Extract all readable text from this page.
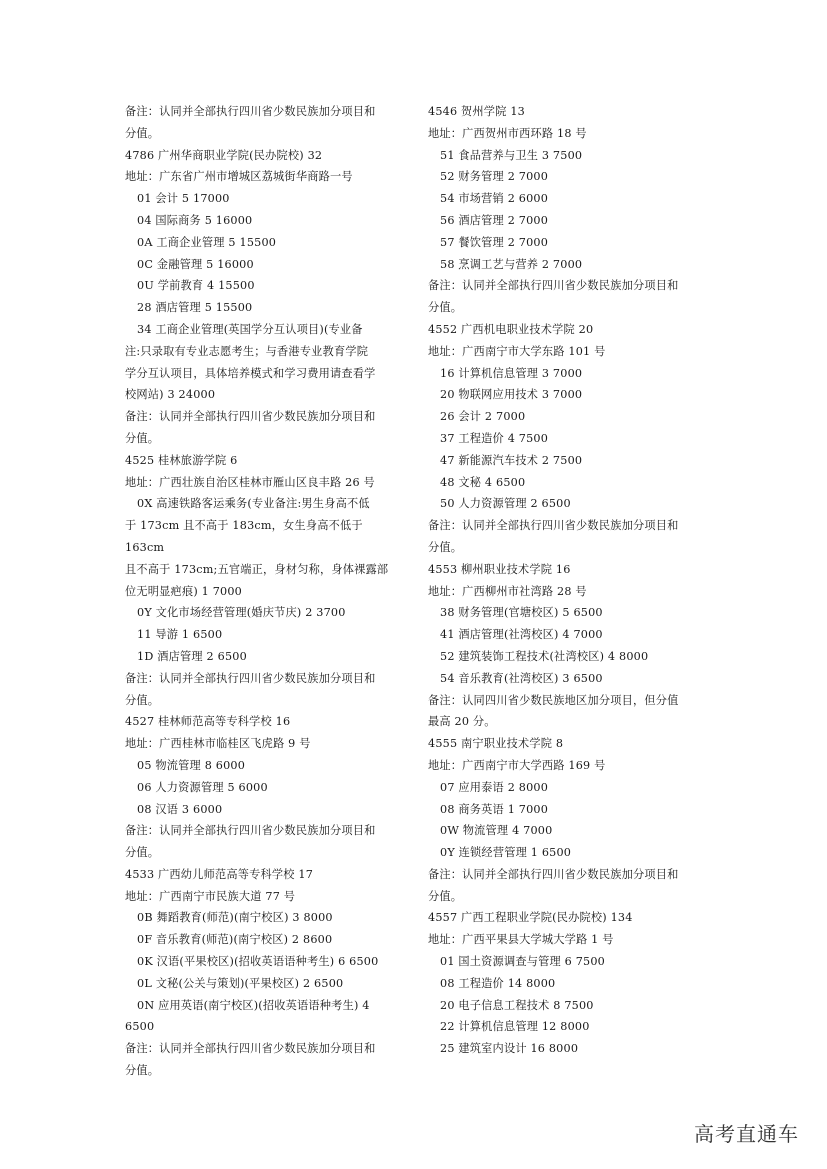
备注：认同并全部执行四川省少数民族加分项目和
分值。
4786 广州华商职业学院(民办院校) 32
地址：广东省广州市增城区荔城街华商路一号
01 会计 5 17000
04 国际商务 5 16000
0A 工商企业管理 5 15500
0C 金融管理 5 16000
0U 学前教育 4 15500
28 酒店管理 5 15500
34 工商企业管理(英国学分互认项目)(专业备
注:只录取有专业志愿考生；与香港专业教育学院
学分互认项目，具体培养模式和学习费用请查看学
校网站) 3 24000
备注：认同并全部执行四川省少数民族加分项目和
分值。
4525 桂林旅游学院 6
地址：广西壮族自治区桂林市雁山区良丰路 26 号
0X 高速铁路客运乘务(专业备注:男生身高不低
于 173cm 且不高于 183cm，女生身高不低于 163cm
且不高于 173cm;五官端正，身材匀称，身体裸露部
位无明显疤痕) 1 7000
0Y 文化市场经营管理(婚庆节庆) 2 3700
11 导游 1 6500
1D 酒店管理 2 6500
备注：认同并全部执行四川省少数民族加分项目和
分值。
4527 桂林师范高等专科学校 16
地址：广西桂林市临桂区飞虎路 9 号
05 物流管理 8 6000
06 人力资源管理 5 6000
08 汉语 3 6000
备注：认同并全部执行四川省少数民族加分项目和
分值。
4533 广西幼儿师范高等专科学校 17
地址：广西南宁市民族大道 77 号
0B 舞蹈教育(师范)(南宁校区) 3 8000
0F 音乐教育(师范)(南宁校区) 2 8600
0K 汉语(平果校区)(招收英语语种考生) 6 6500
0L 文秘(公关与策划)(平果校区) 2 6500
0N 应用英语(南宁校区)(招收英语语种考生) 4
6500
备注：认同并全部执行四川省少数民族加分项目和
分值。
4546 贺州学院 13
地址：广西贺州市西环路 18 号
51 食品营养与卫生 3 7500
52 财务管理 2 7000
54 市场营销 2 6000
56 酒店管理 2 7000
57 餐饮管理 2 7000
58 烹调工艺与营养 2 7000
备注：认同并全部执行四川省少数民族加分项目和
分值。
4552 广西机电职业技术学院 20
地址：广西南宁市大学东路 101 号
16 计算机信息管理 3 7000
20 物联网应用技术 3 7000
26 会计 2 7000
37 工程造价 4 7500
47 新能源汽车技术 2 7500
48 文秘 4 6500
50 人力资源管理 2 6500
备注：认同并全部执行四川省少数民族加分项目和
分值。
4553 柳州职业技术学院 16
地址：广西柳州市社湾路 28 号
38 财务管理(官塘校区) 5 6500
41 酒店管理(社湾校区) 4 7000
52 建筑装饰工程技术(社湾校区) 4 8000
54 音乐教育(社湾校区) 3 6500
备注：认同四川省少数民族地区加分项目，但分值
最高 20 分。
4555 南宁职业技术学院 8
地址：广西南宁市大学西路 169 号
07 应用泰语 2 8000
08 商务英语 1 7000
0W 物流管理 4 7000
0Y 连锁经营管理 1 6500
备注：认同并全部执行四川省少数民族加分项目和
分值。
4557 广西工程职业学院(民办院校) 134
地址：广西平果县大学城大学路 1 号
01 国土资源调查与管理 6 7500
08 工程造价 14 8000
20 电子信息工程技术 8 7500
22 计算机信息管理 12 8000
25 建筑室内设计 16 8000
高考直通车
